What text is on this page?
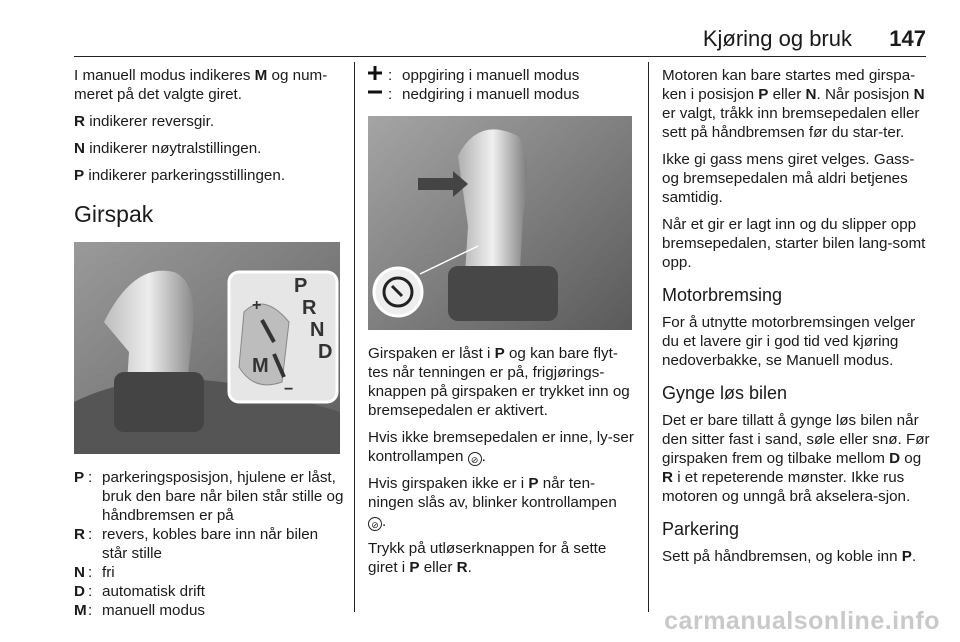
Kjøring og bruk 147

I manuell modus indikeres M og num-meret på det valgte giret.

R indikerer reversgir.

N indikerer nøytralstillingen.

P indikerer parkeringsstillingen.

Girspak
P
R
N
D
M
+
−
P : parkeringsposisjon, hjulene er låst, bruk den bare når bilen står stille og håndbremsen er på
R : revers, kobles bare inn når bilen står stille
N : fri
D : automatisk drift
M : manuell modus
: oppgiring i manuell modus
: nedgiring i manuell modus

Girspaken er låst i P og kan bare flyt-tes når tenningen er på, frigjørings-knappen på girspaken er trykket inn og bremsepedalen er aktivert.

Hvis ikke bremsepedalen er inne, ly-ser kontrollampen ⊘ .

Hvis girspaken ikke er i P når ten-ningen slås av, blinker kontrollampen ⊘ .

Trykk på utløserknappen for å sette giret i P eller R.

Motoren kan bare startes med girspa-ken i posisjon P eller N. Når posisjon N er valgt, tråkk inn bremsepedalen eller sett på håndbremsen før du star-ter.

Ikke gi gass mens giret velges. Gass- og bremsepedalen må aldri betjenes samtidig.

Når et gir er lagt inn og du slipper opp bremsepedalen, starter bilen lang-somt opp.

Motorbremsing

For å utnytte motorbremsingen velger du et lavere gir i god tid ved kjøring nedoverbakke, se Manuell modus.

Gynge løs bilen

Det er bare tillatt å gynge løs bilen når den sitter fast i sand, søle eller snø. Før girspaken frem og tilbake mellom D og R i et repeterende mønster. Ikke rus motoren og unngå brå akselera-sjon.

Parkering

Sett på håndbremsen, og koble inn P.

carmanualsonline.info
